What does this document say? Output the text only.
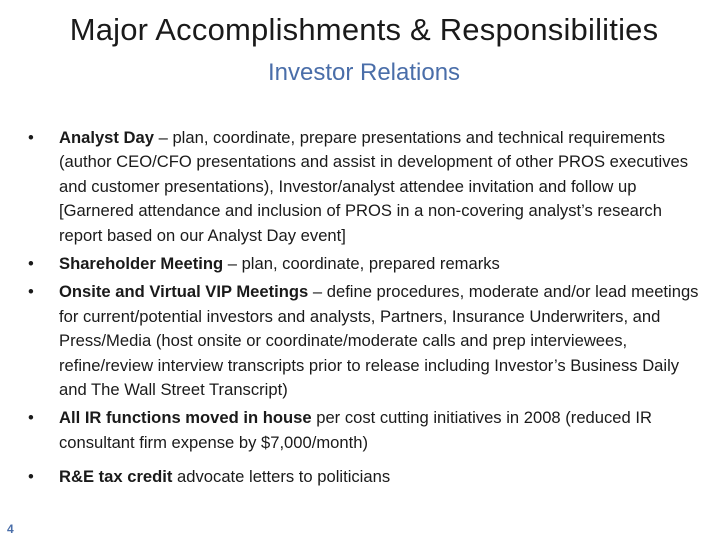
Major Accomplishments & Responsibilities
Investor Relations
•	Analyst Day – plan, coordinate, prepare presentations and technical requirements (author CEO/CFO presentations and assist in development of other PROS executives and customer presentations), Investor/analyst attendee invitation and follow up [Garnered attendance and inclusion of PROS in a non-covering analyst’s research report based on our Analyst Day event]
•	Shareholder Meeting – plan, coordinate, prepared remarks
•	Onsite and Virtual VIP Meetings – define procedures, moderate and/or lead meetings for current/potential investors and analysts, Partners, Insurance Underwriters, and Press/Media (host onsite or coordinate/moderate calls and prep interviewees, refine/review interview transcripts prior to release including Investor’s Business Daily and The Wall Street Transcript)
•	All IR functions moved in house per cost cutting initiatives in 2008 (reduced IR consultant firm expense by $7,000/month)
•	R&E tax credit advocate letters to politicians
4
